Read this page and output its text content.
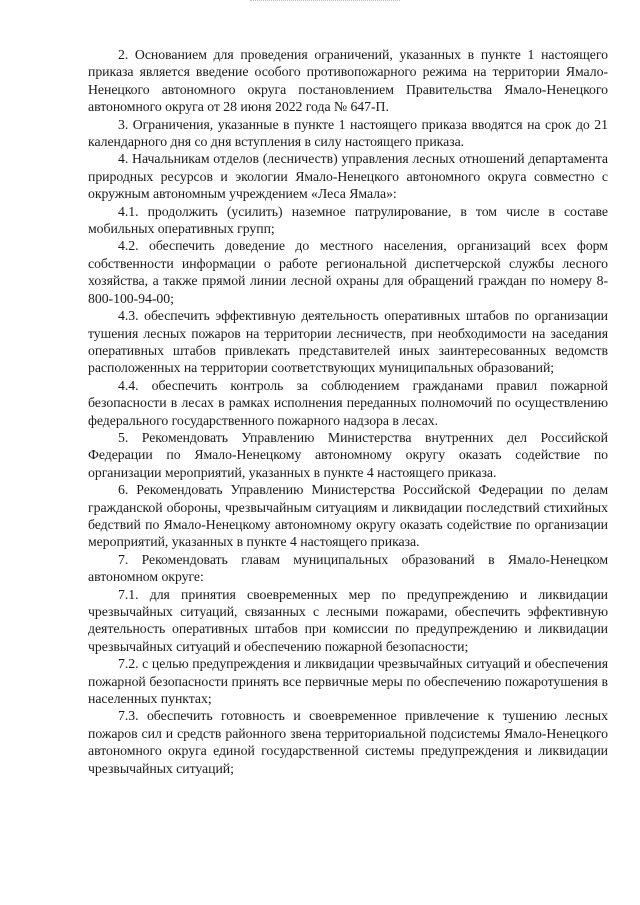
2. Основанием для проведения ограничений, указанных в пункте 1 настоящего приказа является введение особого противопожарного режима на территории Ямало-Ненецкого автономного округа постановлением Правительства Ямало-Ненецкого автономного округа от 28 июня 2022 года № 647-П.

3. Ограничения, указанные в пункте 1 настоящего приказа вводятся на срок до 21 календарного дня со дня вступления в силу настоящего приказа.

4. Начальникам отделов (лесничеств) управления лесных отношений департамента природных ресурсов и экологии Ямало-Ненецкого автономного округа совместно с окружным автономным учреждением «Леса Ямала»:

4.1. продолжить (усилить) наземное патрулирование, в том числе в составе мобильных оперативных групп;

4.2. обеспечить доведение до местного населения, организаций всех форм собственности информации о работе региональной диспетчерской службы лесного хозяйства, а также прямой линии лесной охраны для обращений граждан по номеру 8-800-100-94-00;

4.3. обеспечить эффективную деятельность оперативных штабов по организации тушения лесных пожаров на территории лесничеств, при необходимости на заседания оперативных штабов привлекать представителей иных заинтересованных ведомств расположенных на территории соответствующих муниципальных образований;

4.4. обеспечить контроль за соблюдением гражданами правил пожарной безопасности в лесах в рамках исполнения переданных полномочий по осуществлению федерального государственного пожарного надзора в лесах.

5. Рекомендовать Управлению Министерства внутренних дел Российской Федерации по Ямало-Ненецкому автономному округу оказать содействие по организации мероприятий, указанных в пункте 4 настоящего приказа.

6. Рекомендовать Управлению Министерства Российской Федерации по делам гражданской обороны, чрезвычайным ситуациям и ликвидации последствий стихийных бедствий по Ямало-Ненецкому автономному округу оказать содействие по организации мероприятий, указанных в пункте 4 настоящего приказа.

7. Рекомендовать главам муниципальных образований в Ямало-Ненецком автономном округе:

7.1. для принятия своевременных мер по предупреждению и ликвидации чрезвычайных ситуаций, связанных с лесными пожарами, обеспечить эффективную деятельность оперативных штабов при комиссии по предупреждению и ликвидации чрезвычайных ситуаций и обеспечению пожарной безопасности;

7.2. с целью предупреждения и ликвидации чрезвычайных ситуаций и обеспечения пожарной безопасности принять все первичные меры по обеспечению пожаротушения в населенных пунктах;

7.3. обеспечить готовность и своевременное привлечение к тушению лесных пожаров сил и средств районного звена территориальной подсистемы Ямало-Ненецкого автономного округа единой государственной системы предупреждения и ликвидации чрезвычайных ситуаций;
